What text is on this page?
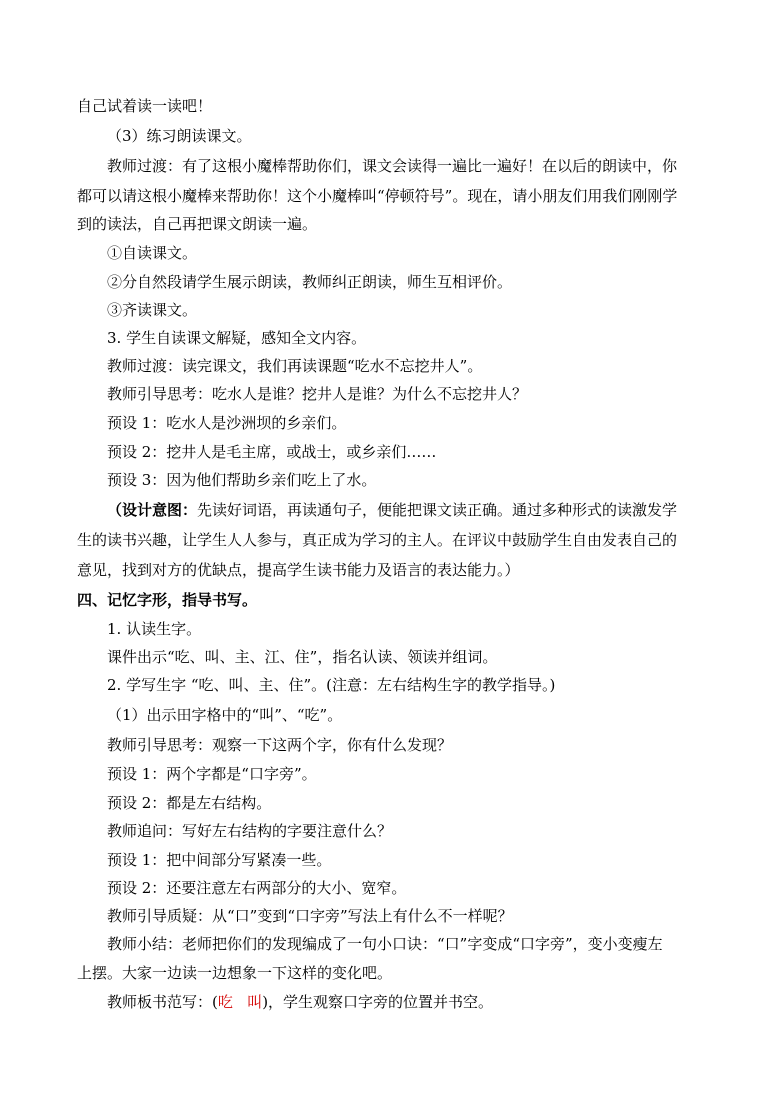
自己试着读一读吧！
（3）练习朗读课文。
教师过渡：有了这根小魔棒帮助你们，课文会读得一遍比一遍好！在以后的朗读中，你
都可以请这根小魔棒来帮助你！这个小魔棒叫“停顿符号”。现在，请小朋友们用我们刚刚学
到的读法，自己再把课文朗读一遍。
①自读课文。
②分自然段请学生展示朗读，教师纠正朗读，师生互相评价。
③齐读课文。
3. 学生自读课文解疑，感知全文内容。
教师过渡：读完课文，我们再读课题“吃水不忘挖井人”。
教师引导思考：吃水人是谁？挖井人是谁？为什么不忘挖井人？
预设 1：吃水人是沙洲坝的乡亲们。
预设 2：挖井人是毛主席，或战士，或乡亲们……
预设 3：因为他们帮助乡亲们吃上了水。
（设计意图：先读好词语，再读通句子，便能把课文读正确。通过多种形式的读激发学
生的读书兴趣，让学生人人参与，真正成为学习的主人。在评议中鼓励学生自由发表自己的
意见，找到对方的优缺点，提高学生读书能力及语言的表达能力。）
四、记忆字形，指导书写。
1. 认读生字。
课件出示“吃、叫、主、江、住”，指名认读、领读并组词。
2. 学写生字 “吃、叫、主、住”。(注意：左右结构生字的教学指导。)
（1）出示田字格中的“叫”、“吃”。
教师引导思考：观察一下这两个字，你有什么发现？
预设 1：两个字都是“口字旁”。
预设 2：都是左右结构。
教师追问：写好左右结构的字要注意什么？
预设 1：把中间部分写紧凑一些。
预设 2：还要注意左右两部分的大小、宽窄。
教师引导质疑：从“口”变到“口字旁”写法上有什么不一样呢？
教师小结：老师把你们的发现编成了一句小口诀：“口”字变成“口字旁”，变小变瘦左
上摆。大家一边读一边想象一下这样的变化吧。
教师板书范写：(吃 叫)，学生观察口字旁的位置并书空。
